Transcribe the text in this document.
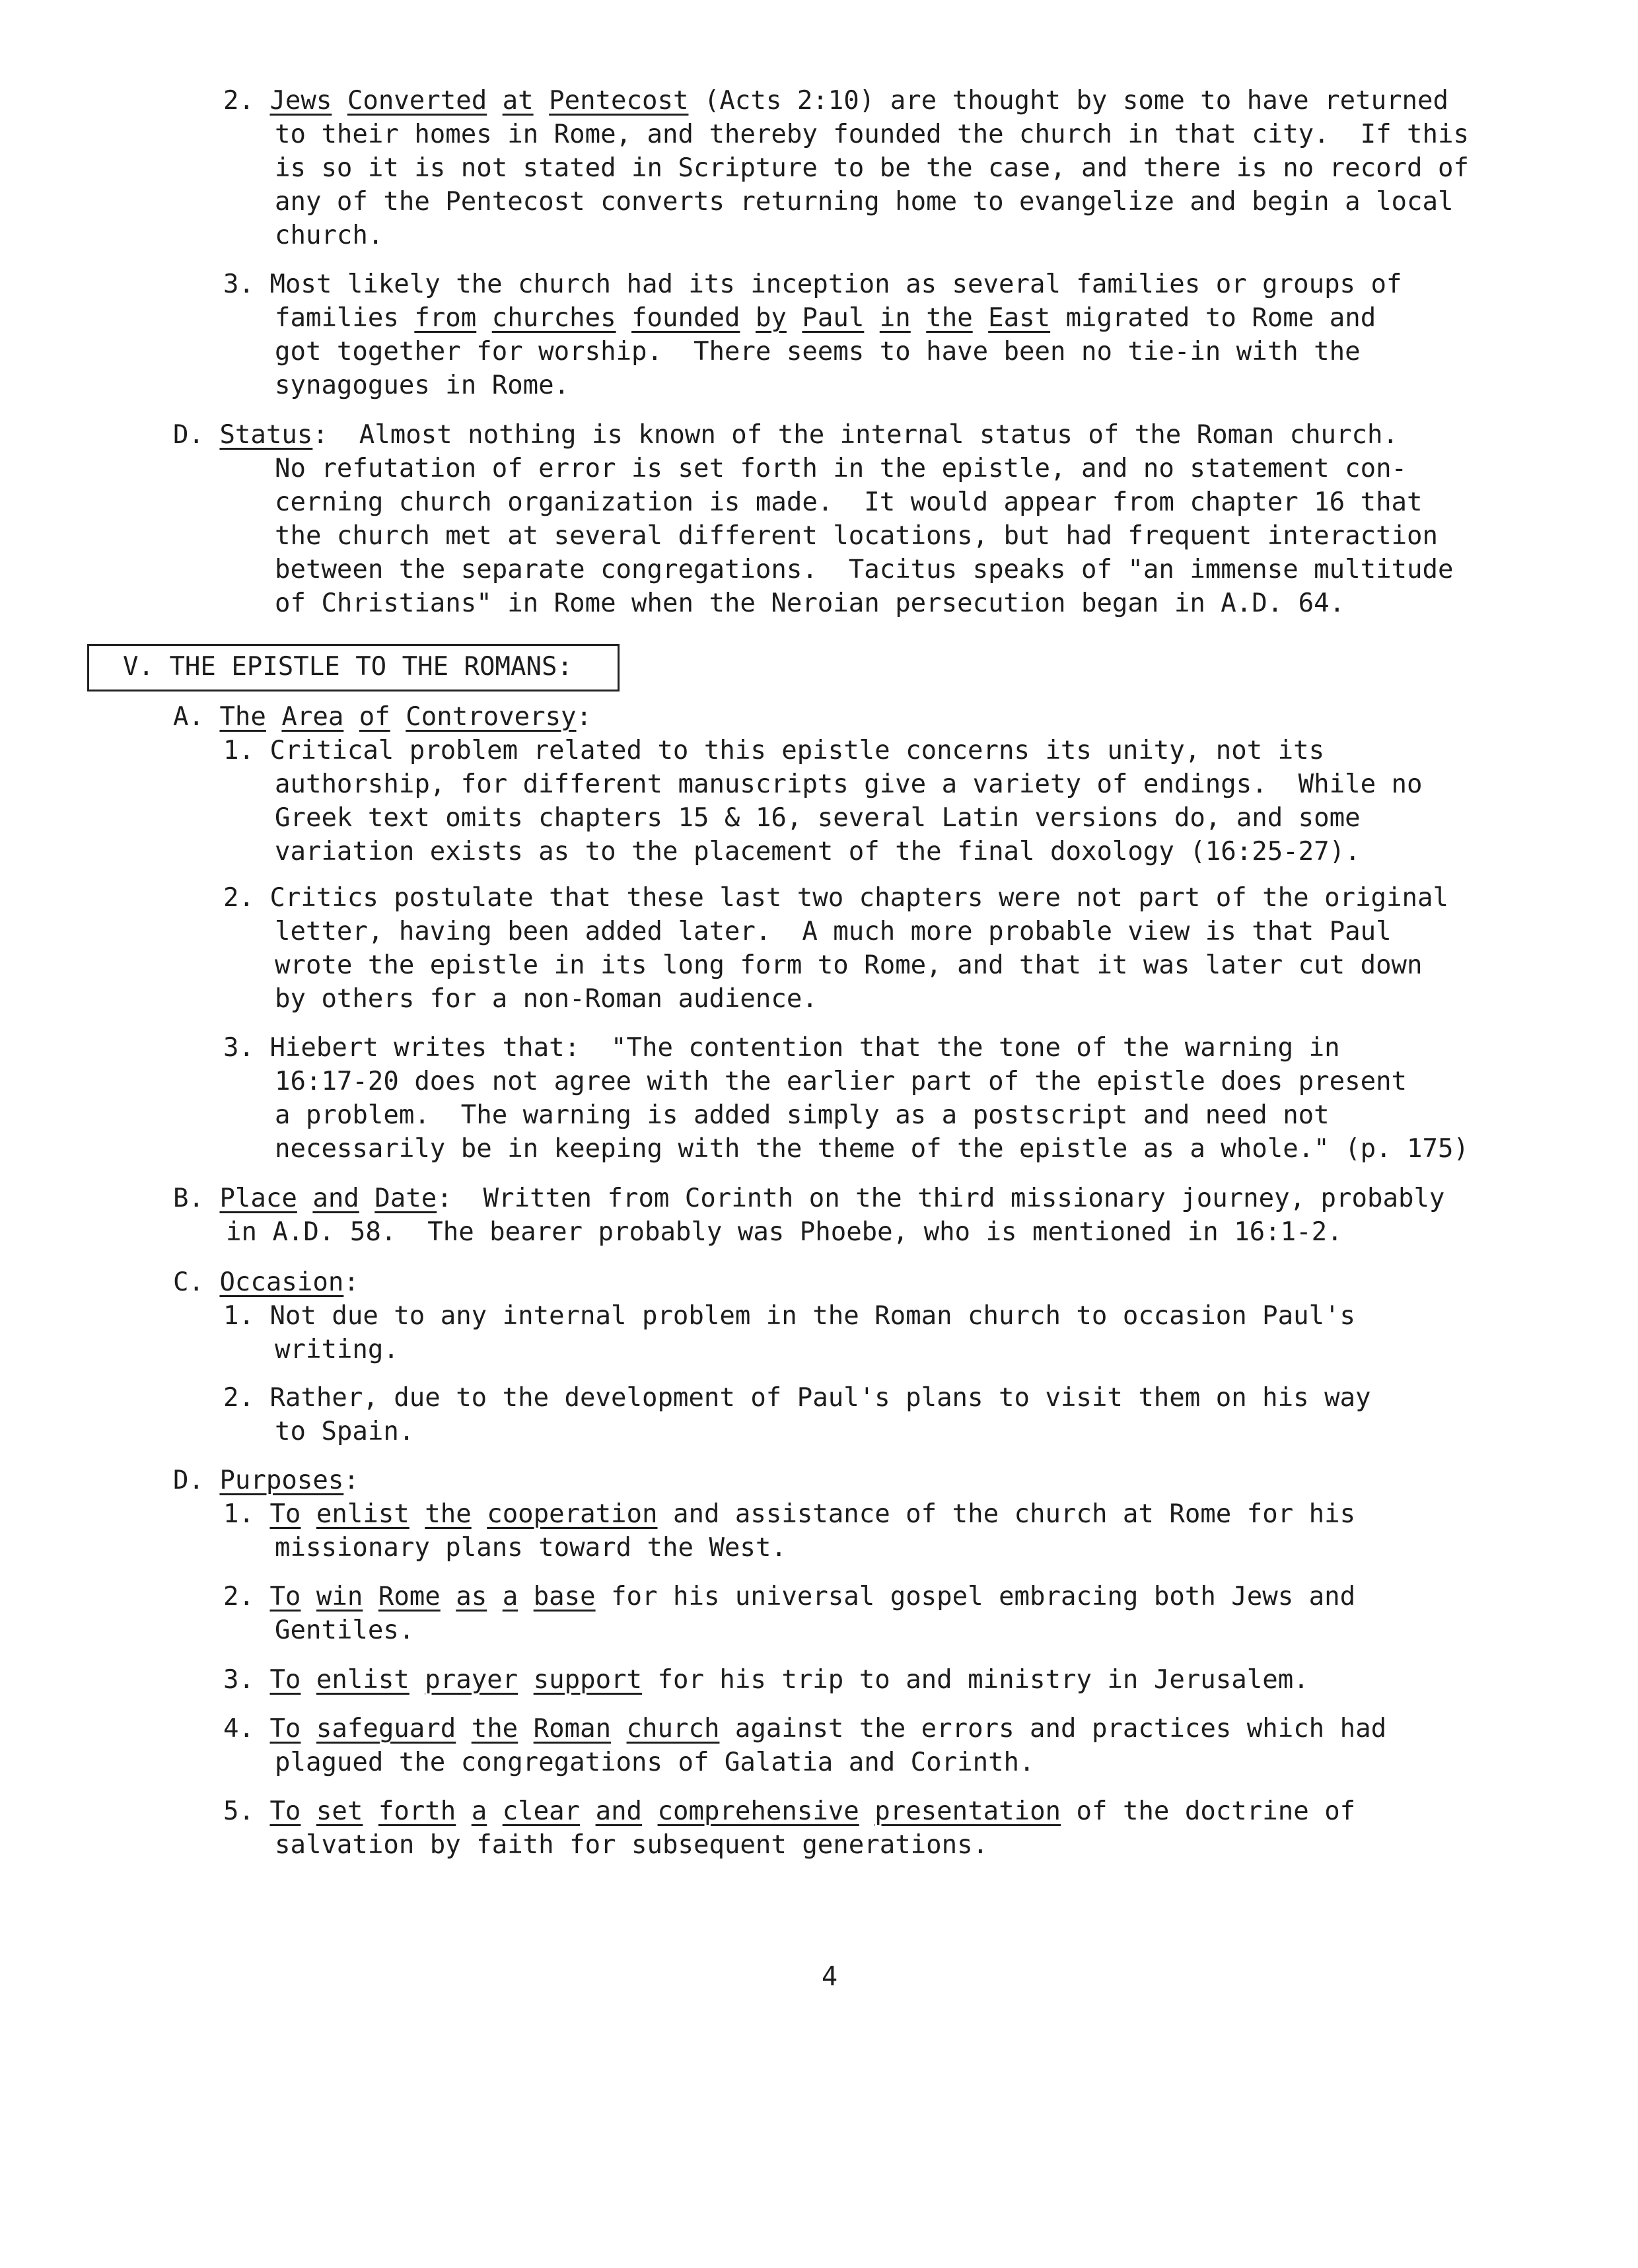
2. Jews Converted at Pentecost (Acts 2:10) are thought by some to have returned
to their homes in Rome, and thereby founded the church in that city.  If this
is so it is not stated in Scripture to be the case, and there is no record of
any of the Pentecost converts returning home to evangelize and begin a local
church.
3. Most likely the church had its inception as several families or groups of
families from churches founded by Paul in the East migrated to Rome and
got together for worship.  There seems to have been no tie-in with the
synagogues in Rome.
D. Status:  Almost nothing is known of the internal status of the Roman church.
No refutation of error is set forth in the epistle, and no statement con-
cerning church organization is made.  It would appear from chapter 16 that
the church met at several different locations, but had frequent interaction
between the separate congregations.  Tacitus speaks of "an immense multitude
of Christians" in Rome when the Neroian persecution began in A.D. 64.
V. THE EPISTLE TO THE ROMANS:
A. The Area of Controversy:
1. Critical problem related to this epistle concerns its unity, not its
authorship, for different manuscripts give a variety of endings.  While no
Greek text omits chapters 15 & 16, several Latin versions do, and some
variation exists as to the placement of the final doxology (16:25-27).
2. Critics postulate that these last two chapters were not part of the original
letter, having been added later.  A much more probable view is that Paul
wrote the epistle in its long form to Rome, and that it was later cut down
by others for a non-Roman audience.
3. Hiebert writes that:  "The contention that the tone of the warning in
16:17-20 does not agree with the earlier part of the epistle does present
a problem.  The warning is added simply as a postscript and need not
necessarily be in keeping with the theme of the epistle as a whole." (p. 175)
B. Place and Date:  Written from Corinth on the third missionary journey, probably
in A.D. 58.  The bearer probably was Phoebe, who is mentioned in 16:1-2.
C. Occasion:
1. Not due to any internal problem in the Roman church to occasion Paul's
writing.
2. Rather, due to the development of Paul's plans to visit them on his way
to Spain.
D. Purposes:
1. To enlist the cooperation and assistance of the church at Rome for his
missionary plans toward the West.
2. To win Rome as a base for his universal gospel embracing both Jews and
Gentiles.
3. To enlist prayer support for his trip to and ministry in Jerusalem.
4. To safeguard the Roman church against the errors and practices which had
plagued the congregations of Galatia and Corinth.
5. To set forth a clear and comprehensive presentation of the doctrine of
salvation by faith for subsequent generations.
4
